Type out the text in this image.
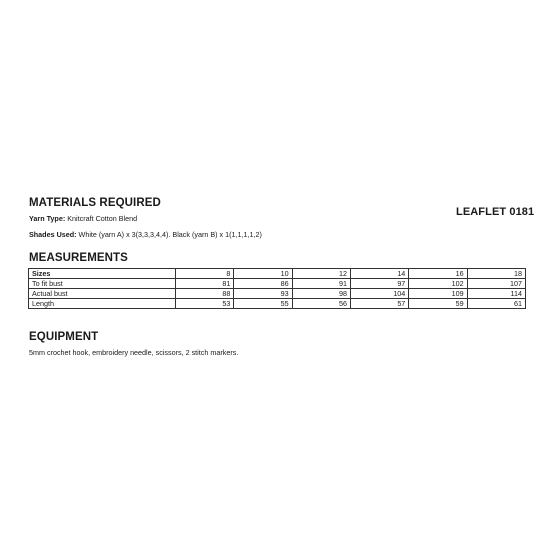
MATERIALS REQUIRED
LEAFLET 0181
Yarn Type: Knitcraft Cotton Blend
Shades Used: White (yarn A) x 3(3,3,3,4,4). Black (yarn B) x 1(1,1,1,1,2)
MEASUREMENTS
Sizes	8	10	12	14	16	18
To fit bust	81	86	91	97	102	107
Actual bust	88	93	98	104	109	114
Length	53	55	56	57	59	61
EQUIPMENT
5mm crochet hook, embroidery needle, scissors, 2 stitch markers.
